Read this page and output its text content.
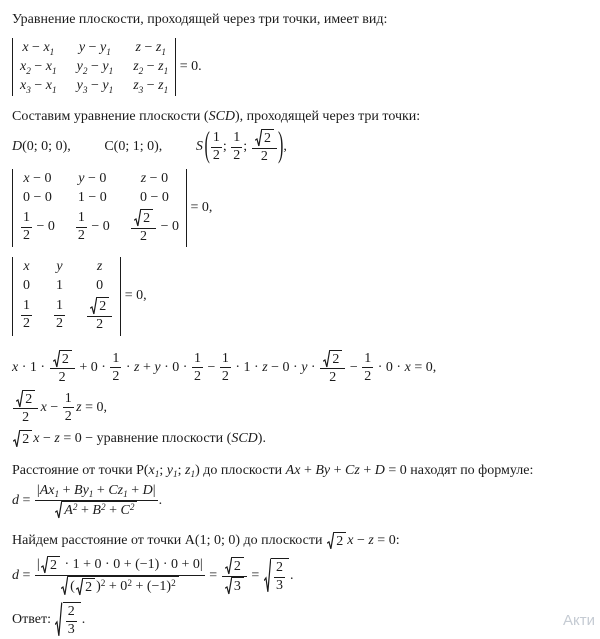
Уравнение плоскости, проходящей через три точки, имеет вид:
x − x 1 y − y 1 z − z 1
x 2 − x 1 y 2 − y 1 z 2 − z 1
x 3 − x 1 y 3 − y 1 z 3 − z 1
= 0.
Составим уравнение плоскости ( SCD ), проходящей через три точки:
D (0; 0; 0), C(0; 1; 0), S ( 1
2
;
1
2
;
2
2 ) ,
x − 0 y − 0 z − 0
0 − 0 1 − 0 0 − 0
1
2
− 0
1
2
− 0
2
2
− 0
= 0,
x y z
0 1 0
1
2
1
2
2
2
= 0,
x · 1 ·
2
2
+ 0 ·
1
2
· z + y · 0 ·
1
2
− $\frac{1}{2} \cdot 1 \cdot z - 0 \cdot y$ ·
2
2
− $\frac{1}{2} \cdot 0 \cdot x = 0$,
2
2
$x - \frac{1}{2}$ z = 0,
2 x − z = 0 − уравнение плоскости ( SCD ).
Расстояние от точки P( x 1 ; y 1 ; z 1 ) до плоскости Ax + By + Cz + D = 0 находят по формуле:
$d = \frac{| Ax 1 + By 1 + Cz 1 + D |}{A 2 + B 2 + C 2}$ .
Найдем расстояние от точки A(1; 0; 0) до плоскости 2 x − z = 0:
$d = \frac{| 2 \cdot 1 + 0 \cdot 0 + (-1) \cdot 0 + 0|}{( 2 ) 2 + 0 2 + (-1) 2} = \frac{2}{3}$ =
2
3
.
Ответ:
2
3
.	Акти
